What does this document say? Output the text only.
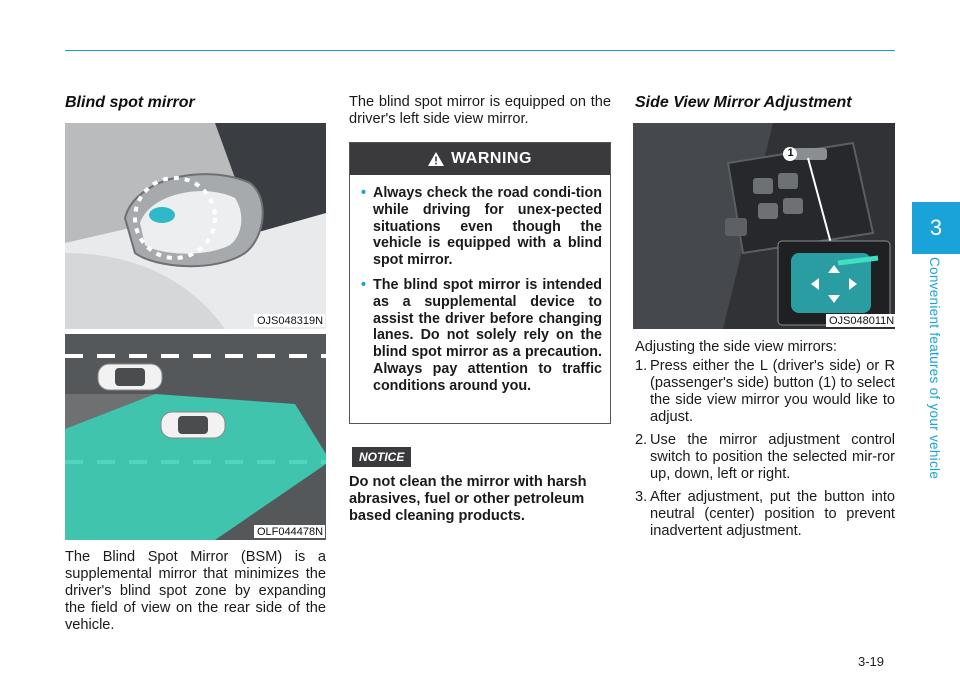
Blind spot mirror
OJS048319N
OLF044478N
The Blind Spot Mirror (BSM) is a supplemental mirror that minimizes the driver's blind spot zone by expanding the field of view on the rear side of the vehicle.
The blind spot mirror is equipped on the driver's left side view mirror.
WARNING
• Always check the road condi-tion while driving for unex-pected situations even though the vehicle is equipped with a blind spot mirror.
• The blind spot mirror is intended as a supplemental device to assist the driver before changing lanes. Do not solely rely on the blind spot mirror as a precaution. Always pay attention to traffic conditions around you.
NOTICE
Do not clean the mirror with harsh abrasives, fuel or other petroleum based cleaning products.
Side View Mirror Adjustment
1
OJS048011N
Adjusting the side view mirrors:
1. Press either the L (driver's side) or R (passenger's side) button (1) to select the side view mirror you would like to adjust.
2. Use the mirror adjustment control switch to position the selected mir-ror up, down, left or right.
3. After adjustment, put the button into neutral (center) position to prevent inadvertent adjustment.
3
Convenient features of your vehicle
3-19
